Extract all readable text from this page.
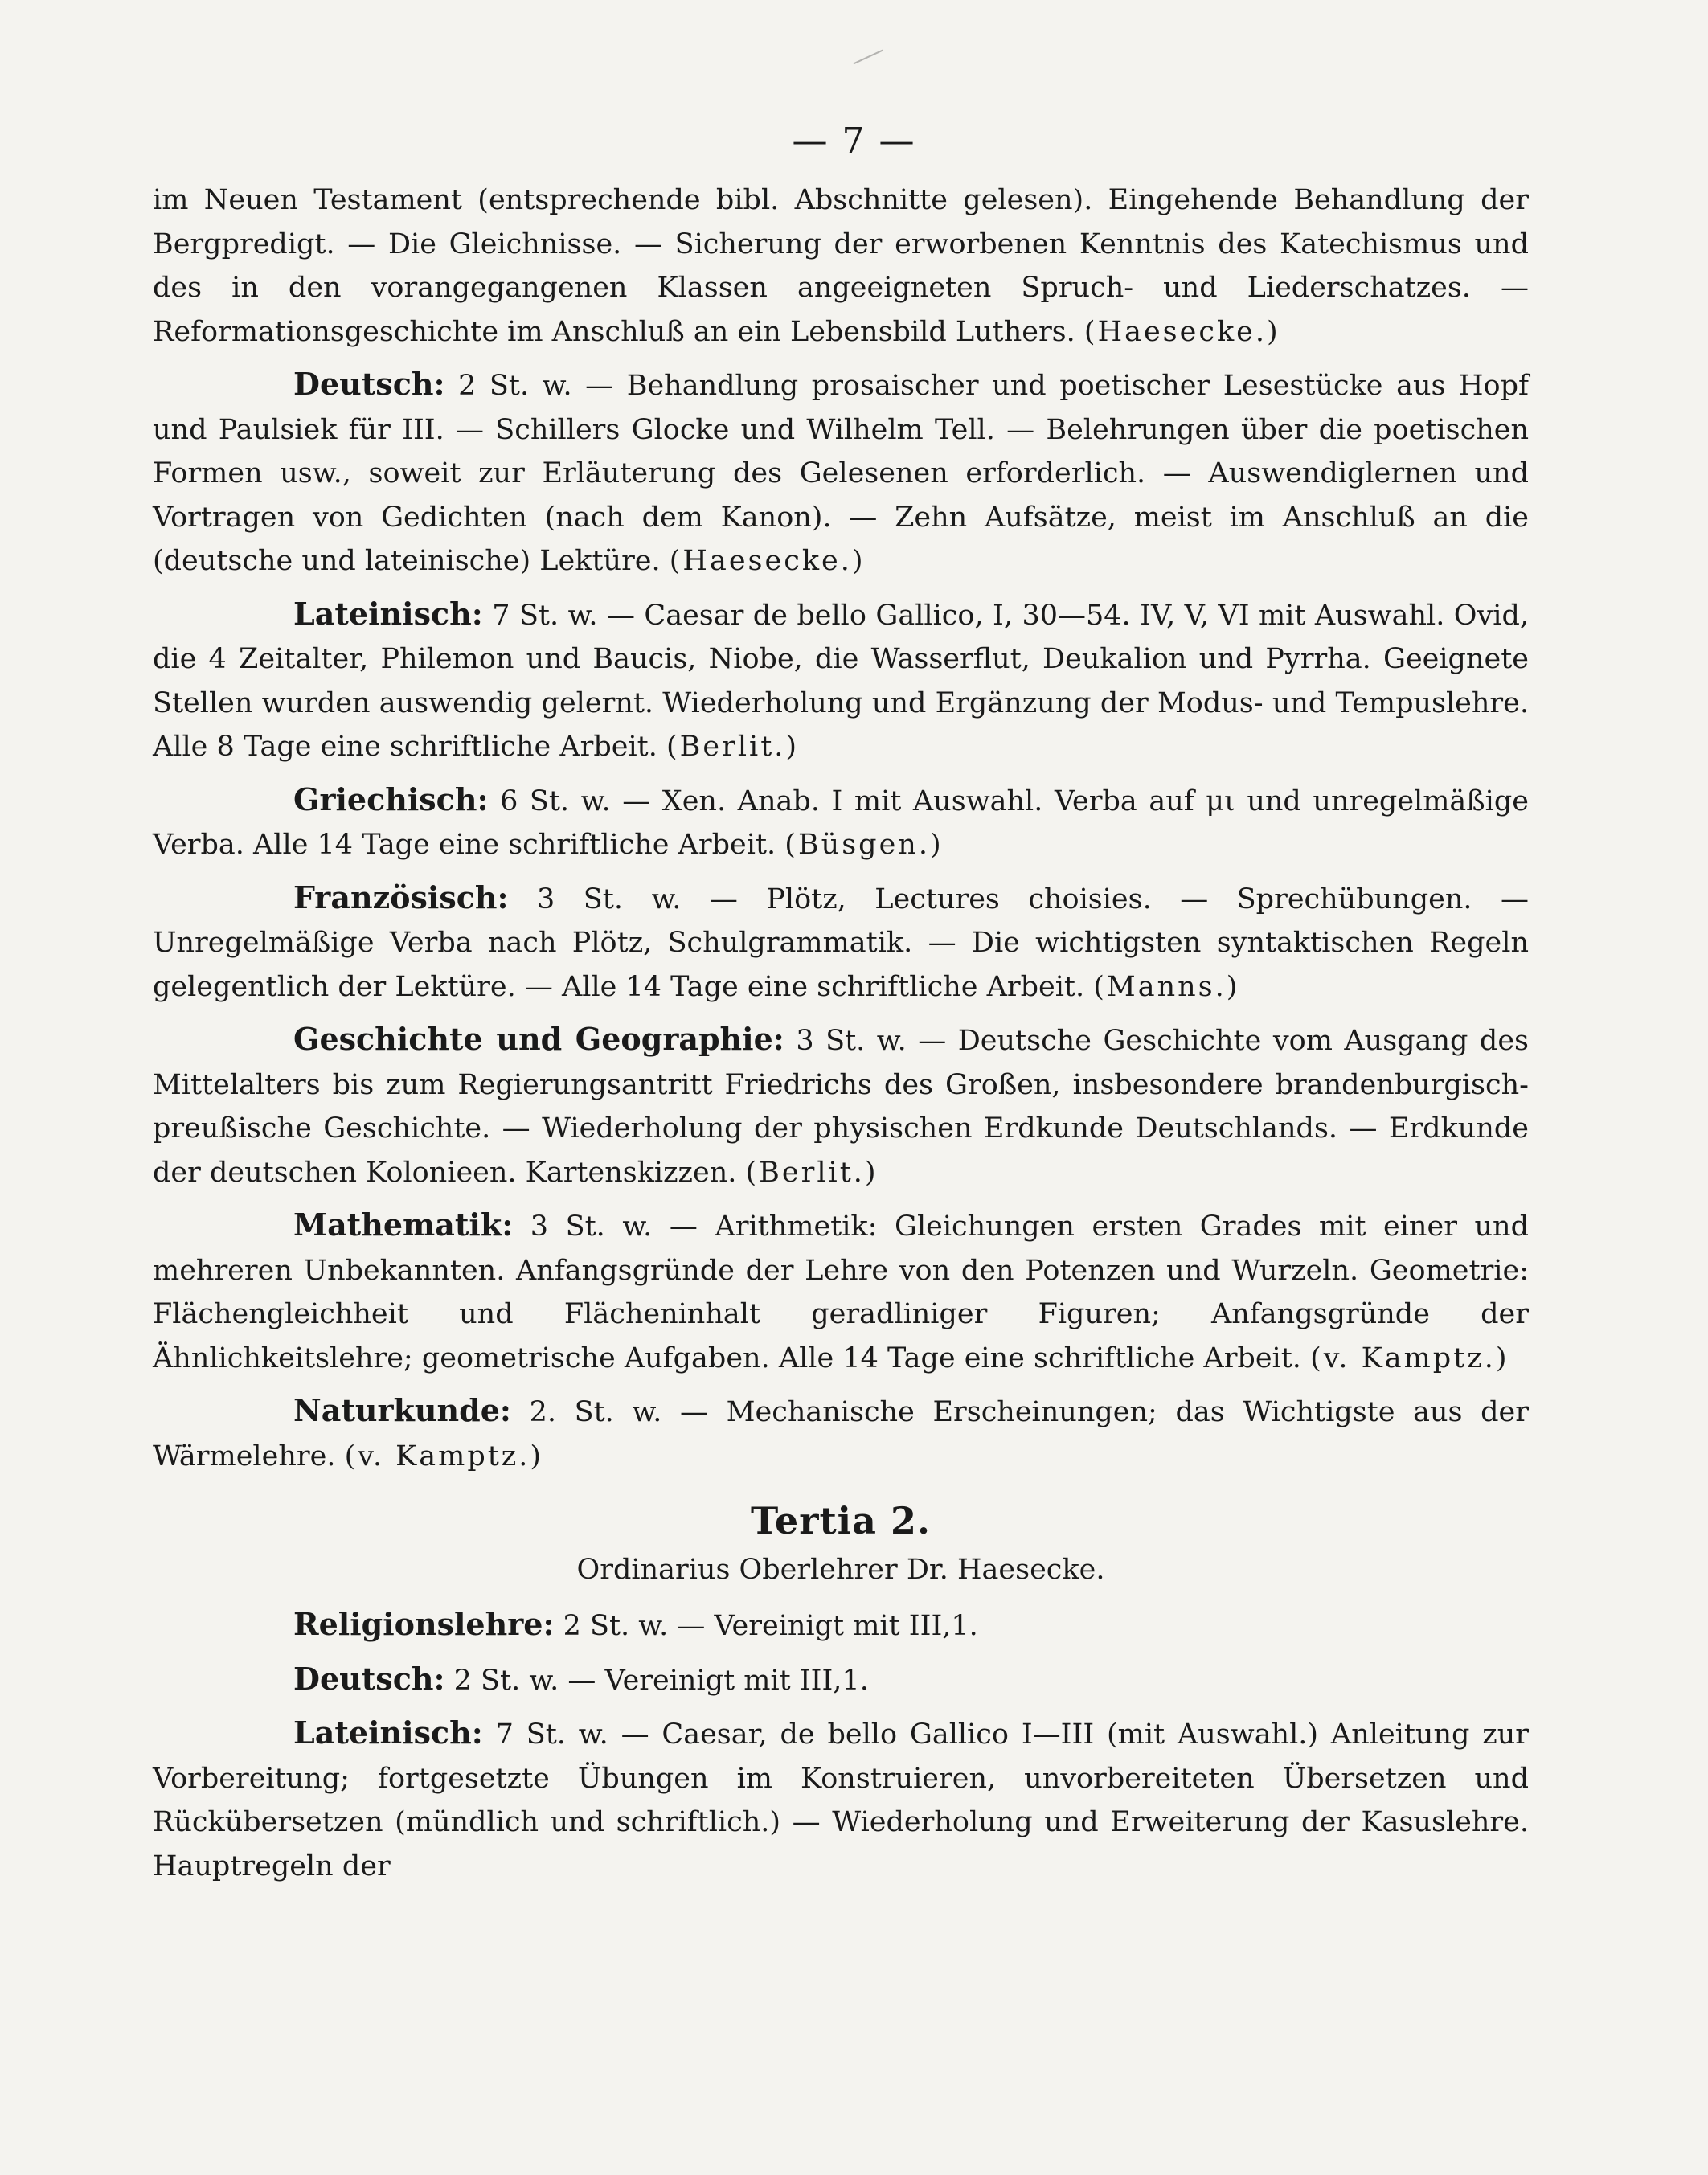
— 7 —

im Neuen Testament (entsprechende bibl. Abschnitte gelesen). Eingehende Behandlung der Bergpredigt. — Die Gleichnisse. — Sicherung der erworbenen Kenntnis des Katechismus und des in den vorangegangenen Klassen angeeigneten Spruch- und Liederschatzes. — Reformationsgeschichte im Anschluß an ein Lebensbild Luthers. (Haesecke.)

Deutsch: 2 St. w. — Behandlung prosaischer und poetischer Lesestücke aus Hopf und Paulsiek für III. — Schillers Glocke und Wilhelm Tell. — Belehrungen über die poetischen Formen usw., soweit zur Erläuterung des Gelesenen erforderlich. — Auswendiglernen und Vortragen von Gedichten (nach dem Kanon). — Zehn Aufsätze, meist im Anschluß an die (deutsche und lateinische) Lektüre. (Haesecke.)

Lateinisch: 7 St. w. — Caesar de bello Gallico, I, 30—54. IV, V, VI mit Auswahl. Ovid, die 4 Zeitalter, Philemon und Baucis, Niobe, die Wasserflut, Deukalion und Pyrrha. Geeignete Stellen wurden auswendig gelernt. Wiederholung und Ergänzung der Modus- und Tempuslehre. Alle 8 Tage eine schriftliche Arbeit. (Berlit.)

Griechisch: 6 St. w. — Xen. Anab. I mit Auswahl. Verba auf μι und unregelmäßige Verba. Alle 14 Tage eine schriftliche Arbeit. (Büsgen.)

Französisch: 3 St. w. — Plötz, Lectures choisies. — Sprechübungen. — Unregelmäßige Verba nach Plötz, Schulgrammatik. — Die wichtigsten syntaktischen Regeln gelegentlich der Lektüre. — Alle 14 Tage eine schriftliche Arbeit. (Manns.)

Geschichte und Geographie: 3 St. w. — Deutsche Geschichte vom Ausgang des Mittelalters bis zum Regierungsantritt Friedrichs des Großen, insbesondere brandenburgisch-preußische Geschichte. — Wiederholung der physischen Erdkunde Deutschlands. — Erdkunde der deutschen Kolonieen. Kartenskizzen. (Berlit.)

Mathematik: 3 St. w. — Arithmetik: Gleichungen ersten Grades mit einer und mehreren Unbekannten. Anfangsgründe der Lehre von den Potenzen und Wurzeln. Geometrie: Flächengleichheit und Flächeninhalt geradliniger Figuren; Anfangsgründe der Ähnlichkeitslehre; geometrische Aufgaben. Alle 14 Tage eine schriftliche Arbeit. (v. Kamptz.)

Naturkunde: 2. St. w. — Mechanische Erscheinungen; das Wichtigste aus der Wärmelehre. (v. Kamptz.)

Tertia 2.
Ordinarius Oberlehrer Dr. Haesecke.

Religionslehre: 2 St. w. — Vereinigt mit III,1.

Deutsch: 2 St. w. — Vereinigt mit III,1.

Lateinisch: 7 St. w. — Caesar, de bello Gallico I—III (mit Auswahl.) Anleitung zur Vorbereitung; fortgesetzte Übungen im Konstruieren, unvorbereiteten Übersetzen und Rückübersetzen (mündlich und schriftlich.) — Wiederholung und Erweiterung der Kasuslehre. Hauptregeln der
